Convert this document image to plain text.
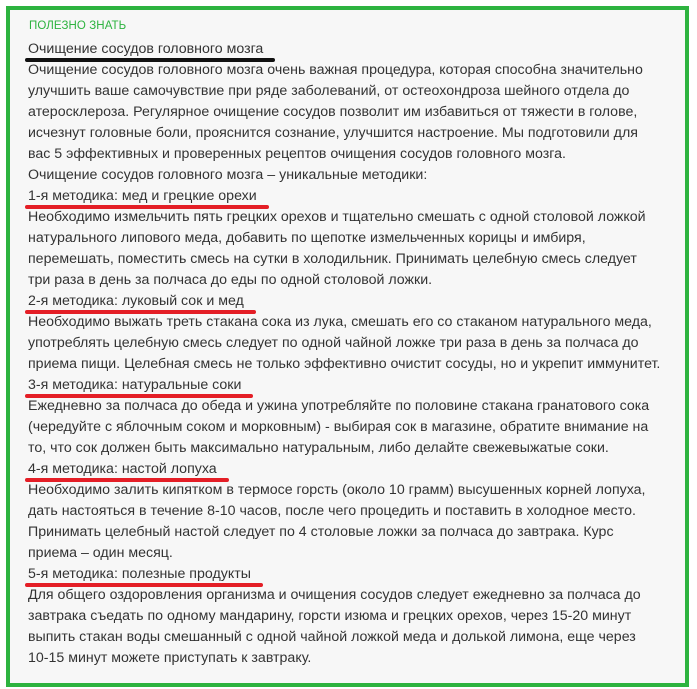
ПОЛЕЗНО ЗНАТЬ
Очищение сосудов головного мозга

Очищение сосудов головного мозга очень важная процедура, которая способна значительно
улучшить ваше самочувствие при ряде заболеваний, от остеохондроза шейного отдела до
атеросклероза. Регулярное очищение сосудов позволит им избавиться от тяжести в голове,
исчезнут головные боли, прояснится сознание, улучшится настроение. Мы подготовили для
вас 5 эффективных и проверенных рецептов очищения сосудов головного мозга.

Очищение сосудов головного мозга – уникальные методики:

1-я методика: мед и грецкие орехи

Необходимо измельчить пять грецких орехов и тщательно смешать с одной столовой ложкой
натурального липового меда, добавить по щепотке измельченных корицы и имбиря,
перемешать, поместить смесь на сутки в холодильник. Принимать целебную смесь следует
три раза в день за полчаса до еды по одной столовой ложки.

2-я методика: луковый сок и мед

Необходимо выжать треть стакана сока из лука, смешать его со стаканом натурального меда,
употреблять целебную смесь следует по одной чайной ложке три раза в день за полчаса до
приема пищи. Целебная смесь не только эффективно очистит сосуды, но и укрепит иммунитет.

3-я методика: натуральные соки

Ежедневно за полчаса до обеда и ужина употребляйте по половине стакана гранатового сока
(чередуйте с яблочным соком и морковным) - выбирая сок в магазине, обратите внимание на
то, что сок должен быть максимально натуральным, либо делайте свежевыжатые соки.

4-я методика: настой лопуха

Необходимо залить кипятком в термосе горсть (около 10 грамм) высушенных корней лопуха,
дать настояться в течение 8-10 часов, после чего процедить и поставить в холодное место.
Принимать целебный настой следует по 4 столовые ложки за полчаса до завтрака. Курс
приема – один месяц.

5-я методика: полезные продукты

Для общего оздоровления организма и очищения сосудов следует ежедневно за полчаса до
завтрака съедать по одному мандарину, горсти изюма и грецких орехов, через 15-20 минут
выпить стакан воды смешанный с одной чайной ложкой меда и долькой лимона, еще через
10-15 минут можете приступать к завтраку.
